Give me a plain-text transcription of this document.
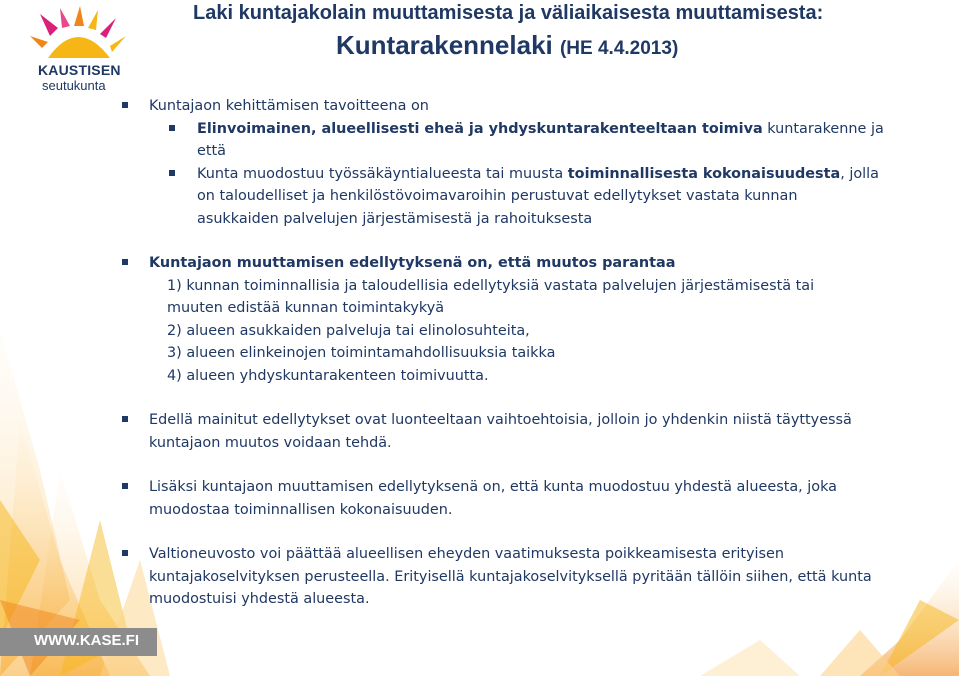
KAUSTISEN
seutukunta
Laki kuntajakolain muuttamisesta ja väliaikaisesta muuttamisesta:
Kuntarakennelaki (HE 4.4.2013)
Kuntajaon kehittämisen tavoitteena on
Elinvoimainen, alueellisesti eheä ja yhdyskuntarakenteeltaan toimiva kuntarakenne ja että
Kunta muodostuu työssäkäyntialueesta tai muusta toiminnallisesta kokonaisuudesta, jolla
on taloudelliset ja henkilöstövoimavaroihin perustuvat edellytykset vastata kunnan
asukkaiden palvelujen järjestämisestä ja rahoituksesta
Kuntajaon muuttamisen edellytyksenä on, että muutos parantaa
1) kunnan toiminnallisia ja taloudellisia edellytyksiä vastata palvelujen järjestämisestä tai
muuten edistää kunnan toimintakykyä
2) alueen asukkaiden palveluja tai elinolosuhteita,
3) alueen elinkeinojen toimintamahdollisuuksia taikka
4) alueen yhdyskuntarakenteen toimivuutta.
Edellä mainitut edellytykset ovat luonteeltaan vaihtoehtoisia, jolloin jo yhdenkin niistä täyttyessä kuntajaon muutos voidaan tehdä.
Lisäksi kuntajaon muuttamisen edellytyksenä on, että kunta muodostuu yhdestä alueesta, joka muodostaa toiminnallisen kokonaisuuden.
Valtioneuvosto voi päättää alueellisen eheyden vaatimuksesta poikkeamisesta erityisen kuntajakoselvityksen perusteella. Erityisellä kuntajakoselvityksellä pyritään tällöin siihen, että kunta muodostuisi yhdestä alueesta.
WWW.KASE.FI
